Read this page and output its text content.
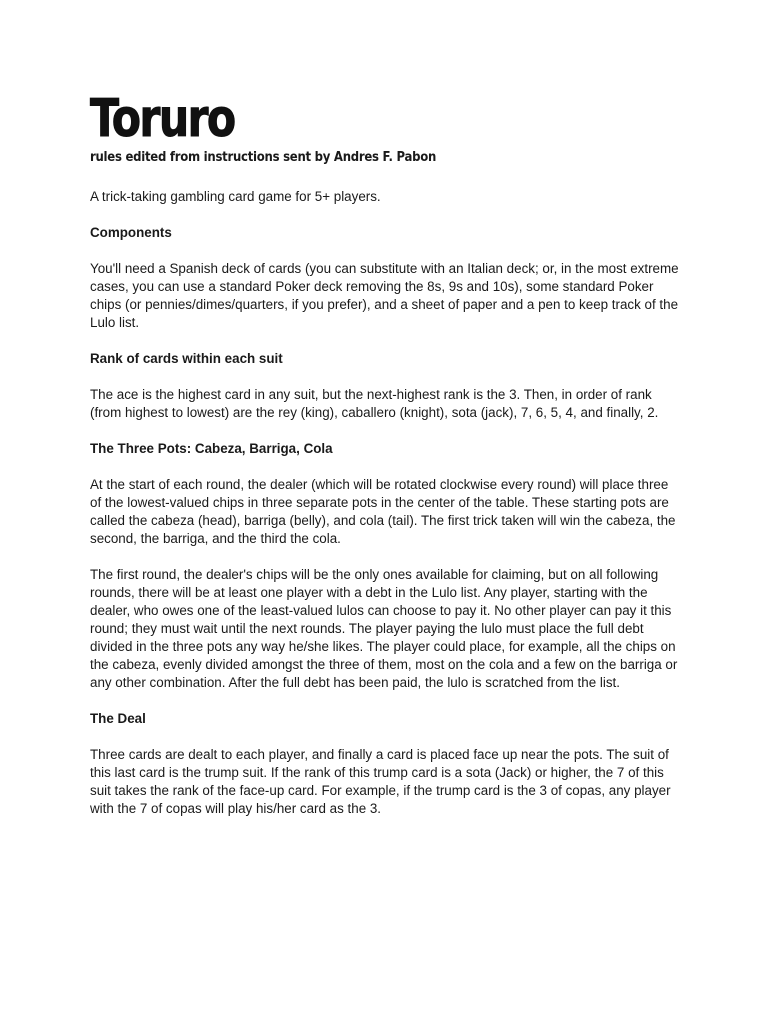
Toruro
rules edited from instructions sent by Andres F. Pabon

A trick-taking gambling card game for 5+ players.

Components

You'll need a Spanish deck of cards (you can substitute with an Italian deck; or, in the most extreme cases, you can use a standard Poker deck removing the 8s, 9s and 10s), some standard Poker chips (or pennies/dimes/quarters, if you prefer), and a sheet of paper and a pen to keep track of the Lulo list.

Rank of cards within each suit

The ace is the highest card in any suit, but the next-highest rank is the 3. Then, in order of rank (from highest to lowest) are the rey (king), caballero (knight), sota (jack), 7, 6, 5, 4, and finally, 2.

The Three Pots: Cabeza, Barriga, Cola

At the start of each round, the dealer (which will be rotated clockwise every round) will place three of the lowest-valued chips in three separate pots in the center of the table. These starting pots are called the cabeza (head), barriga (belly), and cola (tail). The first trick taken will win the cabeza, the second, the barriga, and the third the cola.

The first round, the dealer's chips will be the only ones available for claiming, but on all following rounds, there will be at least one player with a debt in the Lulo list. Any player, starting with the dealer, who owes one of the least-valued lulos can choose to pay it. No other player can pay it this round; they must wait until the next rounds. The player paying the lulo must place the full debt divided in the three pots any way he/she likes. The player could place, for example, all the chips on the cabeza, evenly divided amongst the three of them, most on the cola and a few on the barriga or any other combination. After the full debt has been paid, the lulo is scratched from the list.

The Deal

Three cards are dealt to each player, and finally a card is placed face up near the pots. The suit of this last card is the trump suit. If the rank of this trump card is a sota (Jack) or higher, the 7 of this suit takes the rank of the face-up card. For example, if the trump card is the 3 of copas, any player with the 7 of copas will play his/her card as the 3.
